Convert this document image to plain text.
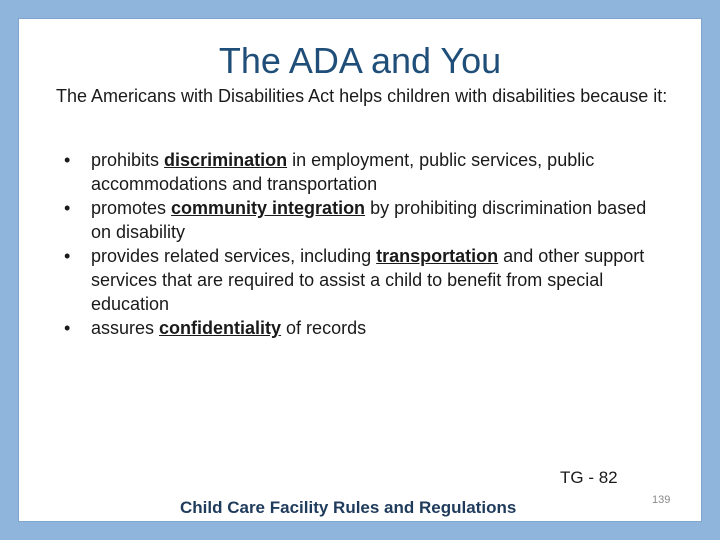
The ADA and You
The Americans with Disabilities Act helps children with disabilities because it:
• prohibits discrimination in employment, public services, public accommodations and transportation
• promotes community integration by prohibiting discrimination based on disability
• provides related services, including transportation and other support services that are required to assist a child to benefit from special education
• assures confidentiality of records
TG - 82
Child Care Facility Rules and Regulations	139
